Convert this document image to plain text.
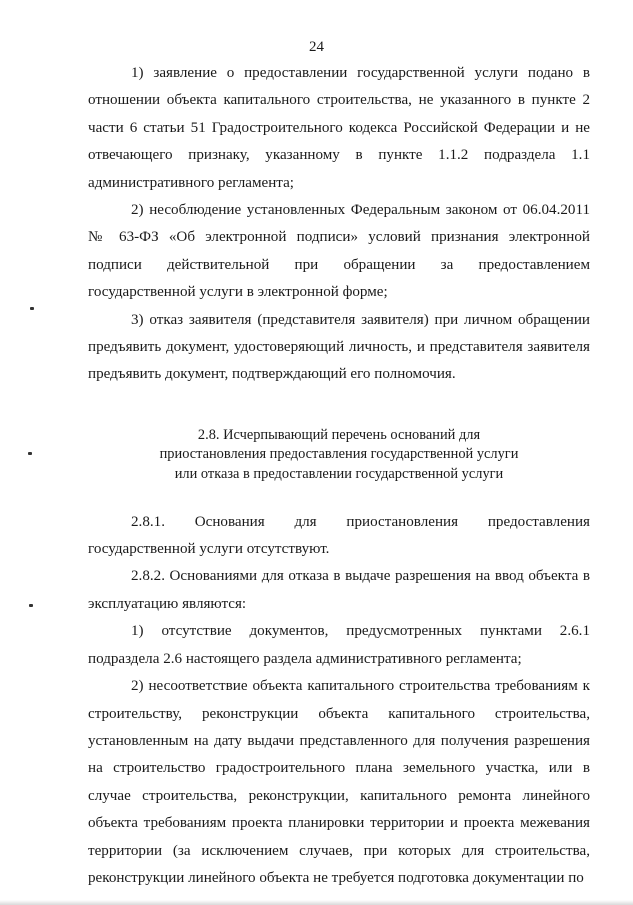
24

1) заявление о предоставлении государственной услуги подано в отношении объекта капитального строительства, не указанного в пункте 2 части 6 статьи 51 Градостроительного кодекса Российской Федерации и не отвечающего признаку, указанному в пункте 1.1.2 подраздела 1.1 административного регламента;

2) несоблюдение установленных Федеральным законом от 06.04.2011 № 63-ФЗ «Об электронной подписи» условий признания электронной подписи действительной при обращении за предоставлением государственной услуги в электронной форме;

3) отказ заявителя (представителя заявителя) при личном обращении предъявить документ, удостоверяющий личность, и представителя заявителя предъявить документ, подтверждающий его полномочия.

2.8. Исчерпывающий перечень оснований для
приостановления предоставления государственной услуги
или отказа в предоставлении государственной услуги

2.8.1. Основания для приостановления предоставления государственной услуги отсутствуют.

2.8.2. Основаниями для отказа в выдаче разрешения на ввод объекта в эксплуатацию являются:

1) отсутствие документов, предусмотренных пунктами 2.6.1 подраздела 2.6 настоящего раздела административного регламента;

2) несоответствие объекта капитального строительства требованиям к строительству, реконструкции объекта капитального строительства, установленным на дату выдачи представленного для получения разрешения на строительство градостроительного плана земельного участка, или в случае строительства, реконструкции, капитального ремонта линейного объекта требованиям проекта планировки территории и проекта межевания территории (за исключением случаев, при которых для строительства, реконструкции линейного объекта не требуется подготовка документации по
